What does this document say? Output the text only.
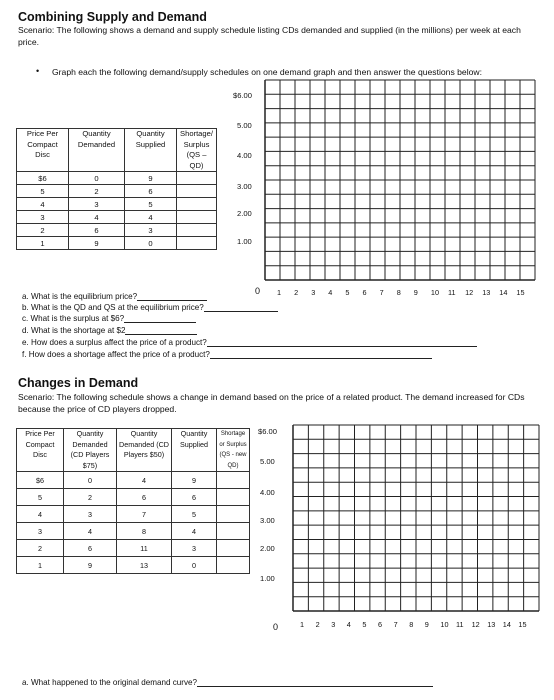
Combining Supply and Demand
Scenario: The following shows a demand and supply schedule listing CDs demanded and supplied (in the millions) per week at each price.
• Graph each the following demand/supply schedules on one demand graph and then answer the questions below:
Price Per Compact Disc	Quantity Demanded	Quantity Supplied	Shortage/ Surplus (QS – QD)
$6	0	9	
5	2	6	
4	3	5	
3	4	4	
2	6	3	
1	9	0	
$6.00
5.00
4.00
3.00
2.00
1.00
0 1 2 3 4 5 6 7 8 9 10 11 12 13 14 15
a. What is the equilibrium price?
b. What is the QD and QS at the equilibrium price?
c. What is the surplus at $6?
d. What is the shortage at $2
e. How does a surplus affect the price of a product?
f. How does a shortage affect the price of a product?
Changes in Demand
Scenario: The following schedule shows a change in demand based on the price of a related product. The demand increased for CDs because the price of CD players dropped.
Price Per Compact Disc	Quantity Demanded (CD Players $75)	Quantity Demanded (CD Players $50)	Quantity Supplied	Shortage or Surplus (QS - new QD)
$6	0	4	9	
5	2	6	6	
4	3	7	5	
3	4	8	4	
2	6	11	3	
1	9	13	0	
$6.00
5.00
4.00
3.00
2.00
1.00
0	1 2 3 4 5 6 7 8 9 10 11 12 13 14 15
a. What happened to the original demand curve?
